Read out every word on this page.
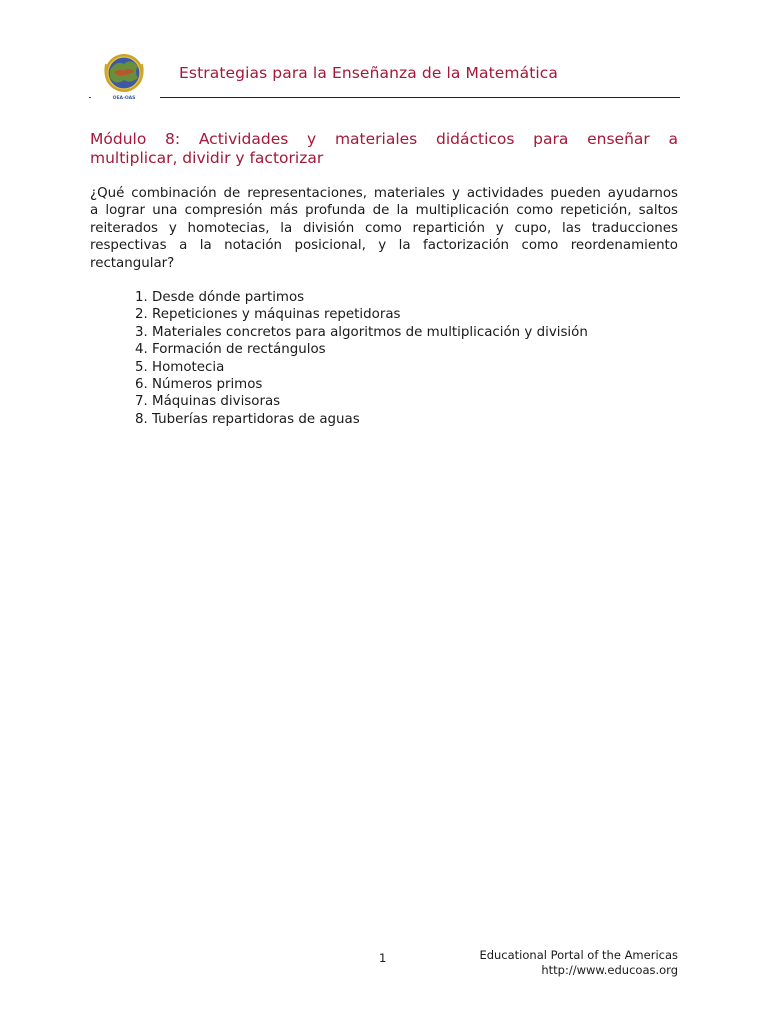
OEA-OAS
Estrategias para la Enseñanza de la Matemática
Módulo 8: Actividades y materiales didácticos para enseñar a
multiplicar, dividir y factorizar
¿Qué combinación de representaciones, materiales y actividades pueden ayudarnos
a lograr una compresión más profunda de la multiplicación como repetición, saltos
reiterados y homotecias, la división como repartición y cupo, las traducciones
respectivas a la notación posicional, y la factorización como reordenamiento
rectangular?
1. Desde dónde partimos
2. Repeticiones y máquinas repetidoras
3. Materiales concretos para algoritmos de multiplicación y división
4. Formación de rectángulos
5. Homotecia
6. Números primos
7. Máquinas divisoras
8. Tuberías repartidoras de aguas
1	Educational Portal of the Americas
http://www.educoas.org
